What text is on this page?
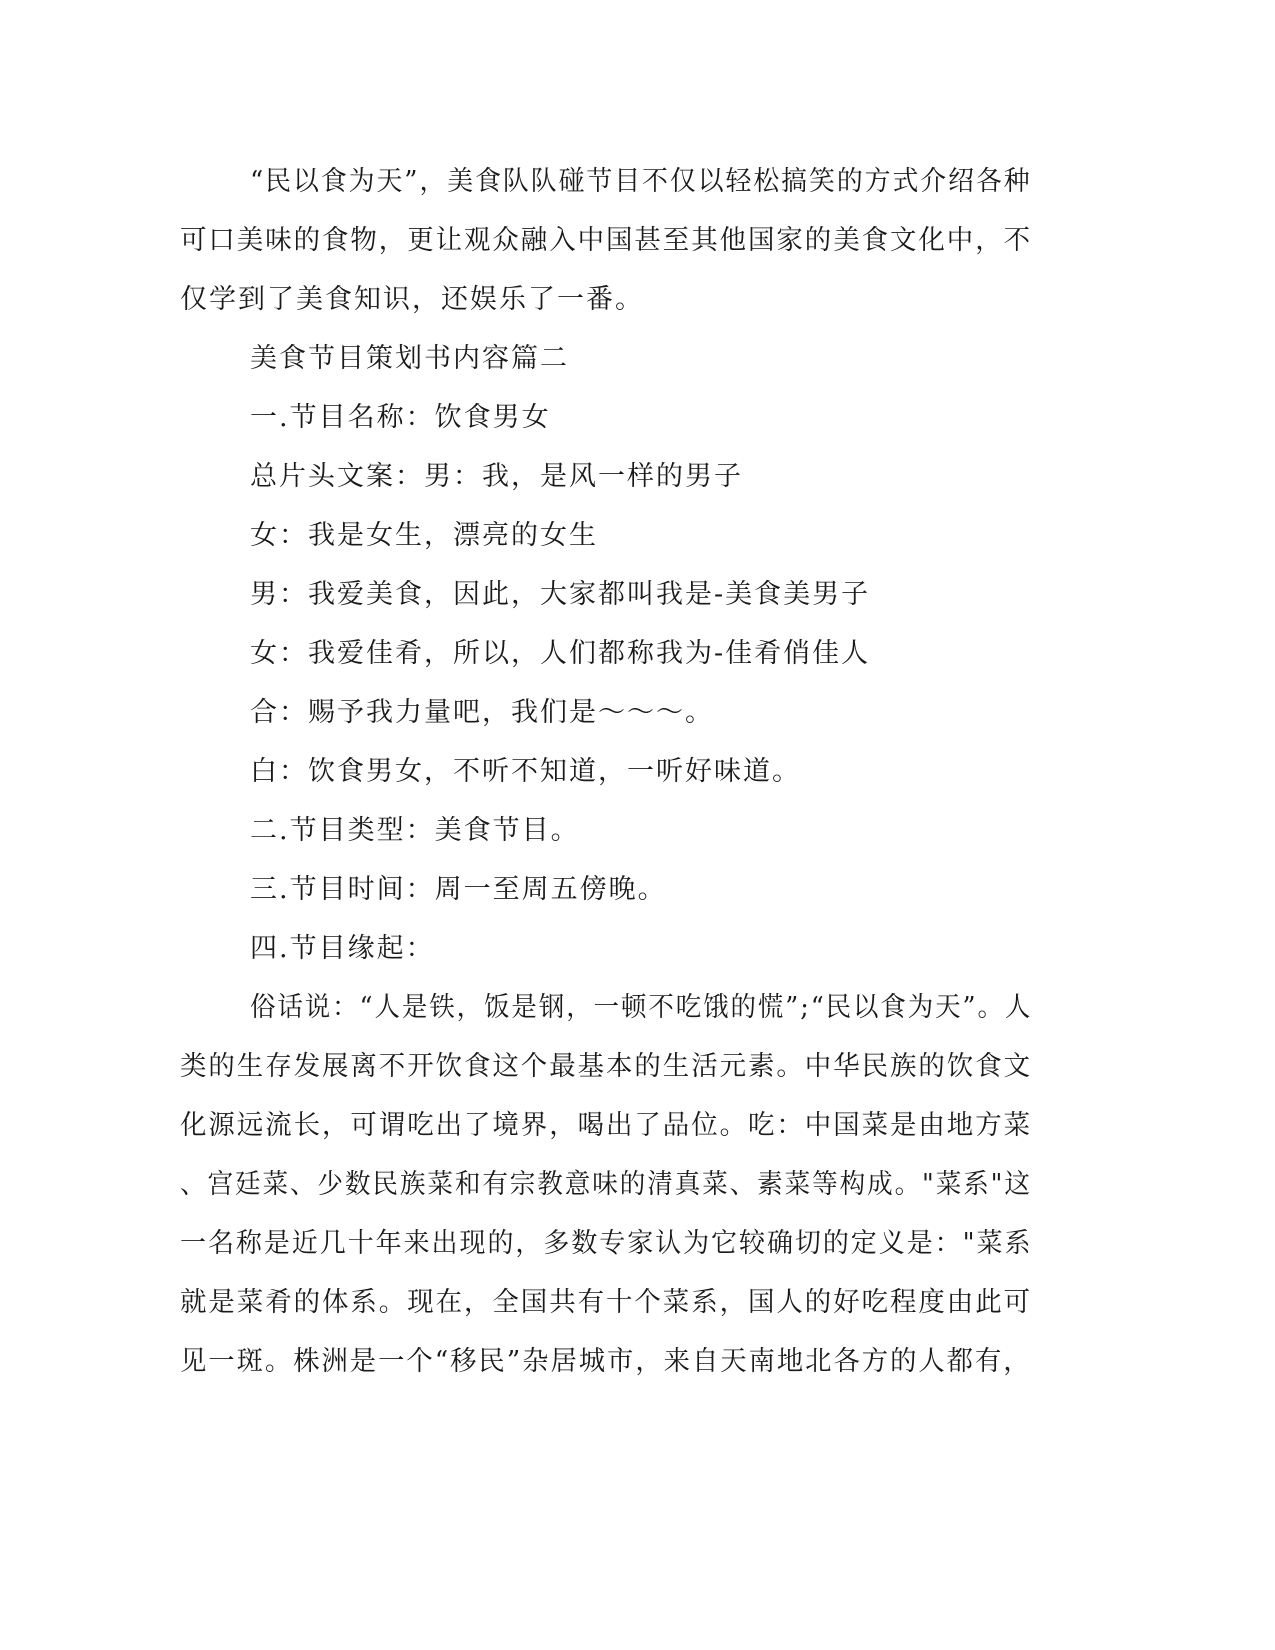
“民以食为天”，美食队队碰节目不仅以轻松搞笑的方式介绍各种
可口美味的食物，更让观众融入中国甚至其他国家的美食文化中，不
仅学到了美食知识，还娱乐了一番。
美食节目策划书内容篇二
一.节目名称：饮食男女
总片头文案：男：我，是风一样的男子
女：我是女生，漂亮的女生
男：我爱美食，因此，大家都叫我是-美食美男子
女：我爱佳肴，所以，人们都称我为-佳肴俏佳人
合：赐予我力量吧，我们是～～～。
白：饮食男女，不听不知道，一听好味道。
二.节目类型：美食节目。
三.节目时间：周一至周五傍晚。
四.节目缘起：
俗话说：“人是铁，饭是钢，一顿不吃饿的慌”;“民以食为天”。人
类的生存发展离不开饮食这个最基本的生活元素。中华民族的饮食文
化源远流长，可谓吃出了境界，喝出了品位。吃：中国菜是由地方菜
、宫廷菜、少数民族菜和有宗教意味的清真菜、素菜等构成。"菜系"这
一名称是近几十年来出现的，多数专家认为它较确切的定义是："菜系
就是菜肴的体系。现在，全国共有十个菜系，国人的好吃程度由此可
见一斑。株洲是一个“移民”杂居城市，来自天南地北各方的人都有，
